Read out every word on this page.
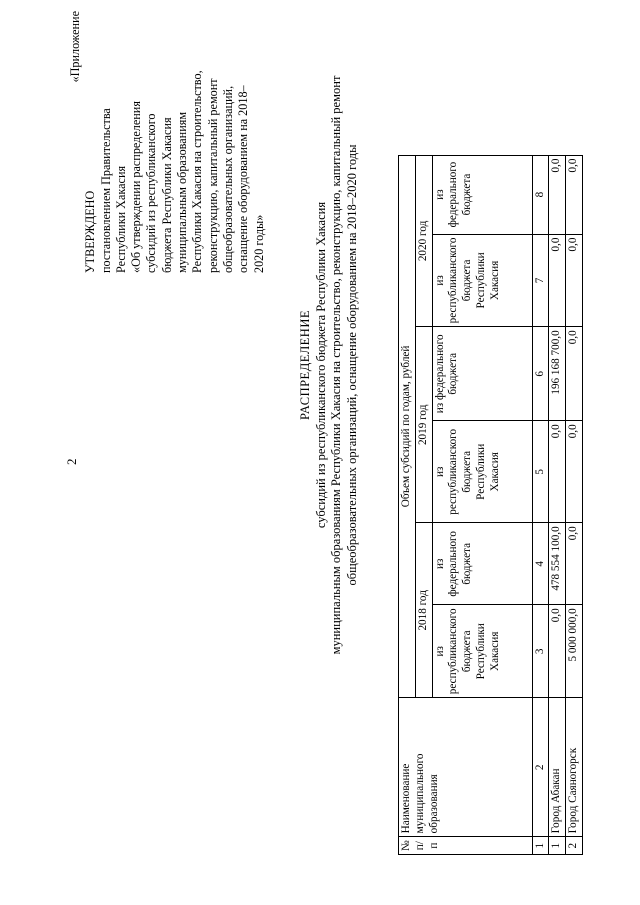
2
«Приложение
УТВЕРЖДЕНО постановлением Правительства Республики Хакасия «Об утверждении распределения субсидий из республиканского бюджета Республики Хакасия муниципальным образованиям Республики Хакасия на строительство, реконструкцию, капитальный ремонт общеобразовательных организаций, оснащение оборудованием на 2018– 2020 годы»
РАСПРЕДЕЛЕНИЕ субсидий из республиканского бюджета Республики Хакасия муниципальным образованиям Республики Хакасия на строительство, реконструкцию, капитальный ремонт общеобразовательных организаций, оснащение оборудованием на 2018–2020 годы
№ п/п	Наименование муниципального образования	Объем субсидий по годам, рублей					
		2018 год		2019 год		2020 год	
		из республиканского бюджета Республики Хакасия	из федерального бюджета	из республиканского бюджета Республики Хакасия	из федерального бюджета	из республиканского бюджета Республики Хакасия	из федерального бюджета
1	2	3	4	5	6	7	8
1	Город Абакан	0,0	478 554 100,0	0,0	196 168 700,0	0,0	0,0
2	Город Саяногорск	5 000 000,0	0,0	0,0	0,0	0,0	0,0
